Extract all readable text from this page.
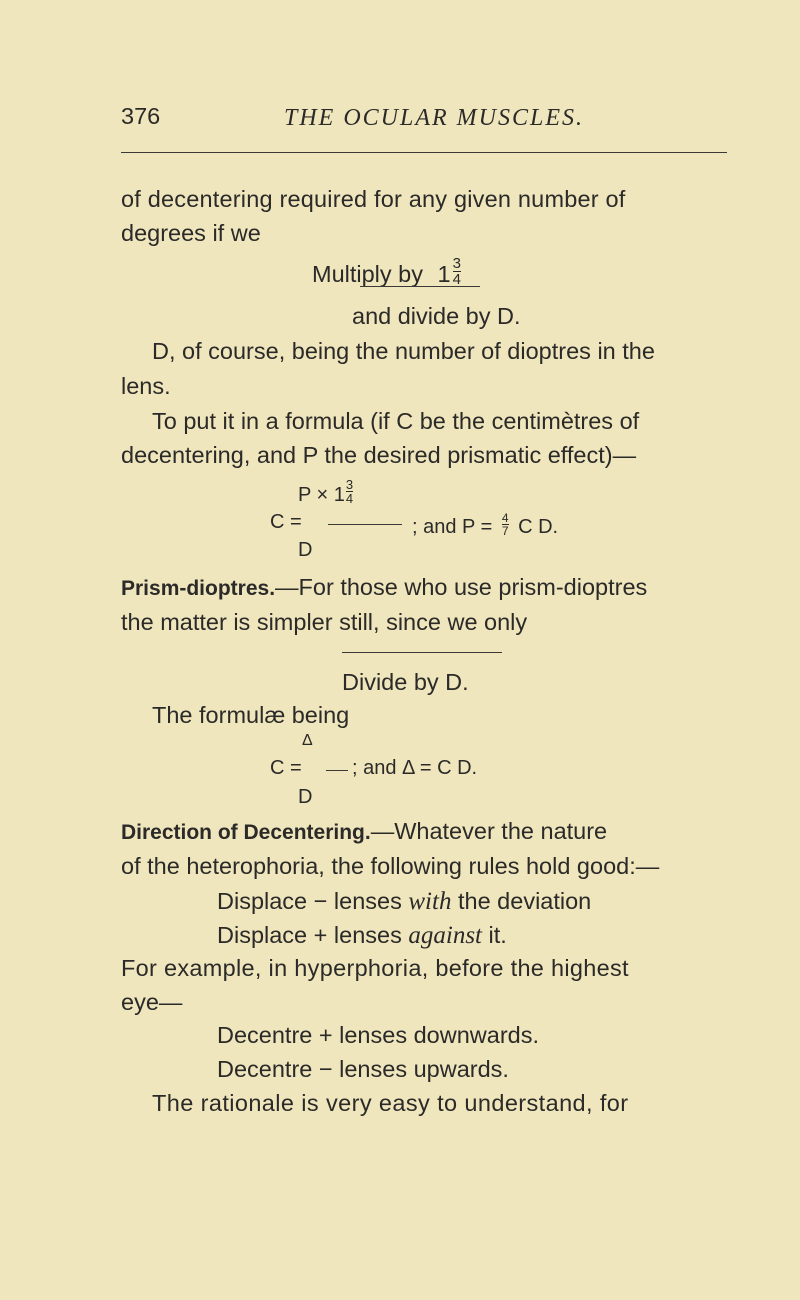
376	THE OCULAR MUSCLES.
of decentering required for any given number of
degrees if we
Multiply by $1 \frac{3}{4}$
and divide by D.
D, of course, being the number of dioptres in the
lens.
To put it in a formula (if C be the centimètres of
decentering, and P the desired prismatic effect)—
$P \times 1 \frac{3}{4}$
C =	; and $P = \frac{4}{7}$ C D.
D
Prism-dioptres.—For those who use prism-dioptres
the matter is simpler still, since we only
Divide by D.
The formulæ being
Δ
C =	; and Δ = C D.
D
Direction of Decentering.—Whatever the nature
of the heterophoria, the following rules hold good:—
Displace − lenses with the deviation
Displace + lenses against it.
For example, in hyperphoria, before the highest
eye—
Decentre + lenses downwards.
Decentre − lenses upwards.
The rationale is very easy to understand, for
